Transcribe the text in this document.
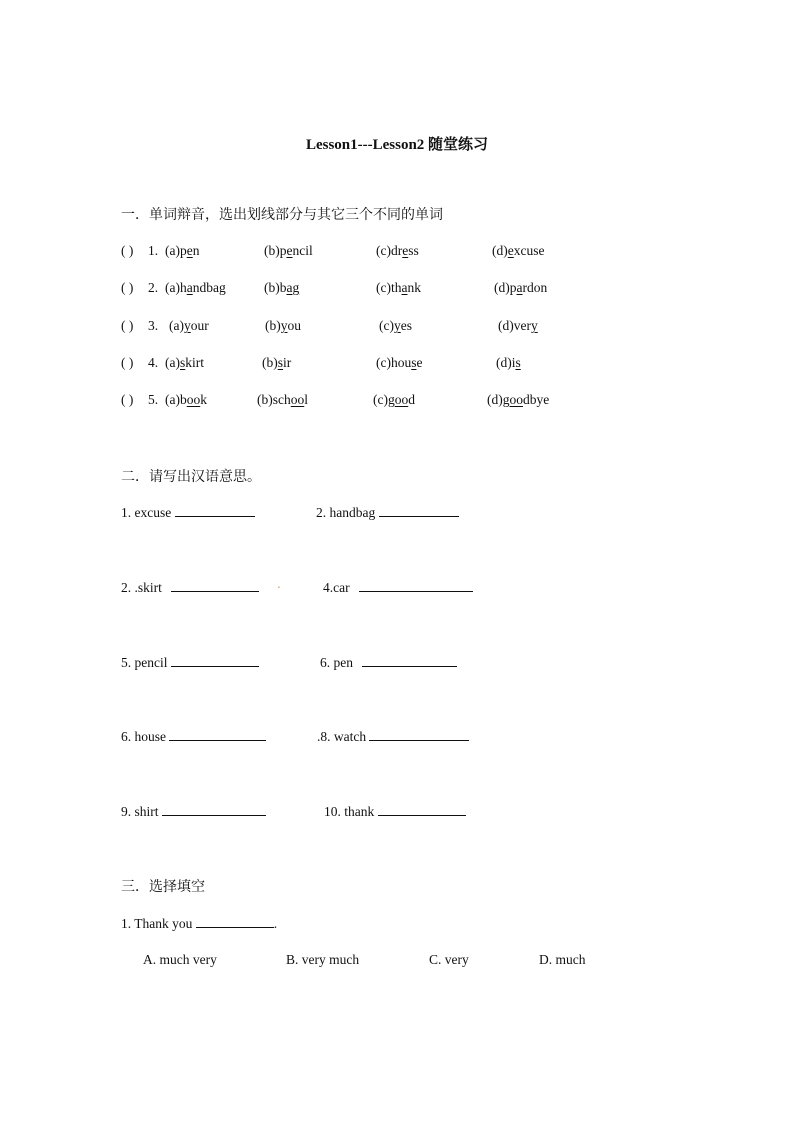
Lesson1---Lesson2 随堂练习
一．单词辩音，选出划线部分与其它三个不同的单词
( ) 1. (a)pen	(b)pencil	(c)dress	(d)excuse
( ) 2. (a)handbag	(b)bag	(c)thank	(d)pardon
( ) 3. (a)your	(b)you	(c)yes	(d)very
( ) 4. (a)skirt	(b)sir	(c)house	(d)is
( ) 5. (a)book	(b)school	(c)good	(d)goodbye
二．请写出汉语意思。
1. excuse	2. handbag
2. .skirt	·	4.car
5. pencil	6. pen
6. house	.8. watch
9. shirt	10. thank
三．选择填空
1. Thank you	.
A. much very	B. very much	C. very	D. much
